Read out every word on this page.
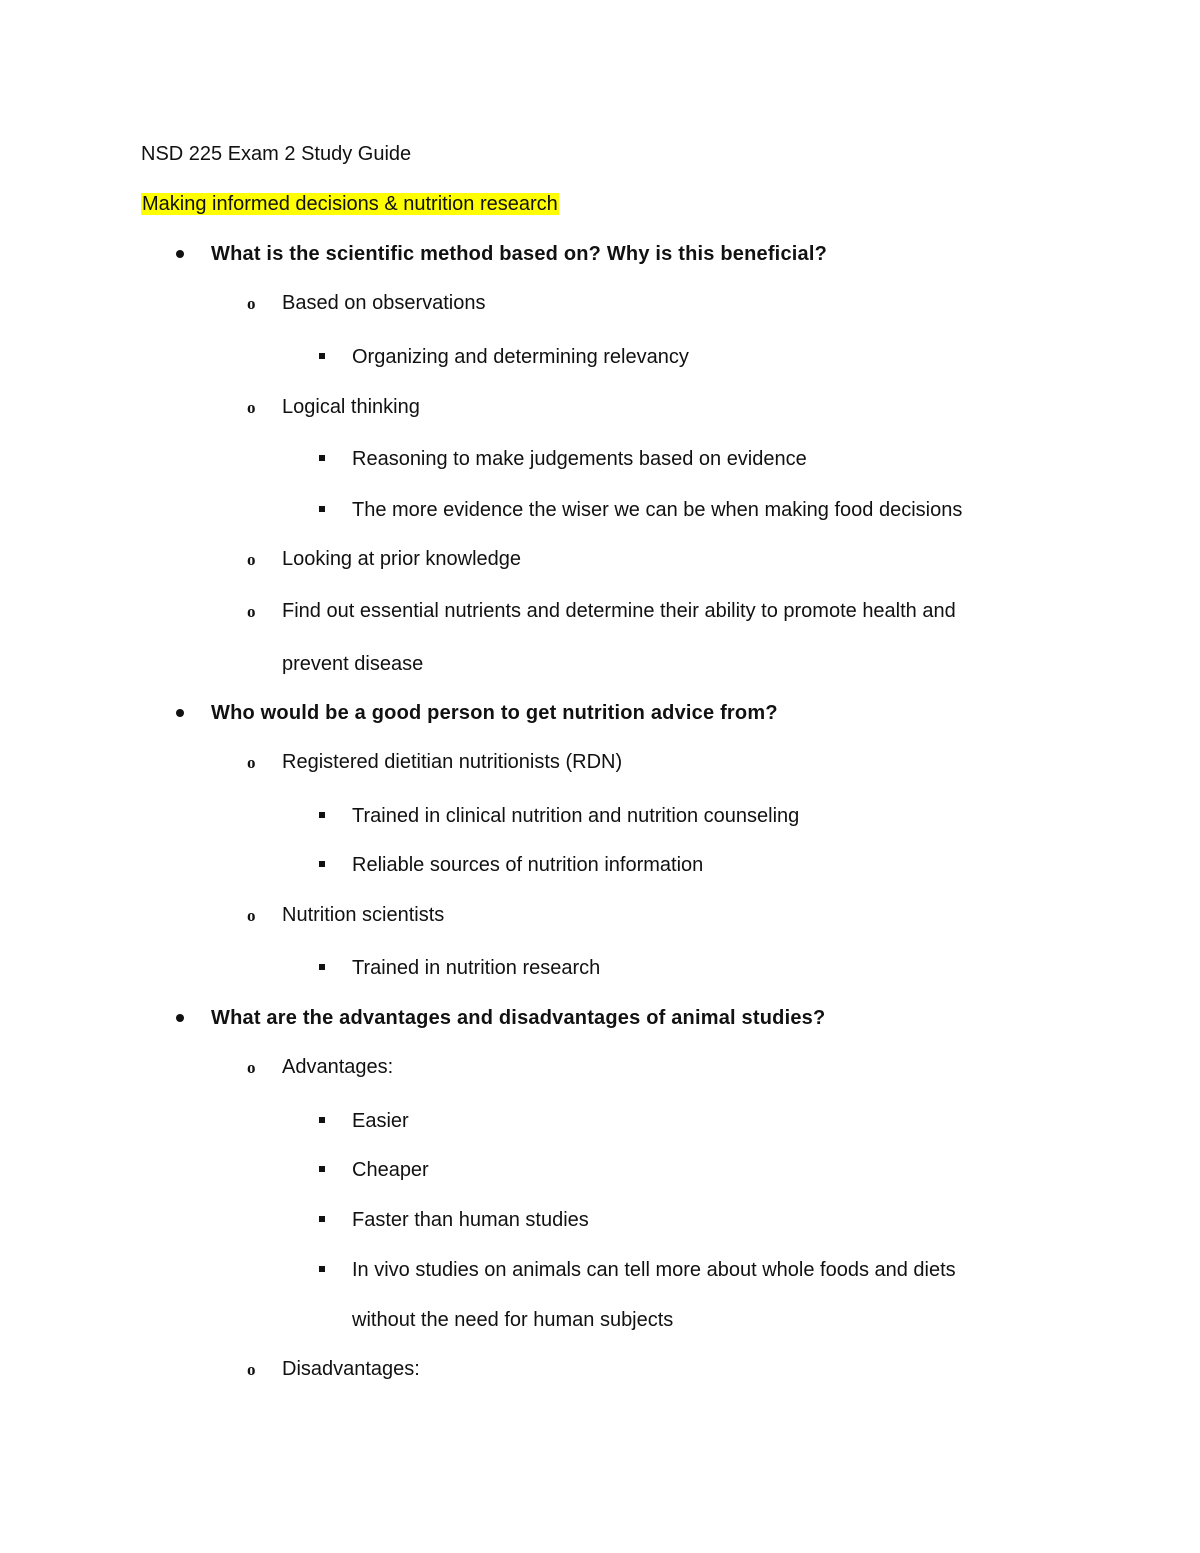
NSD 225 Exam 2 Study Guide
Making informed decisions & nutrition research
What is the scientific method based on? Why is this beneficial?
o Based on observations
Organizing and determining relevancy
o Logical thinking
Reasoning to make judgements based on evidence
The more evidence the wiser we can be when making food decisions
o Looking at prior knowledge
o Find out essential nutrients and determine their ability to promote health and
prevent disease
Who would be a good person to get nutrition advice from?
o Registered dietitian nutritionists (RDN)
Trained in clinical nutrition and nutrition counseling
Reliable sources of nutrition information
o Nutrition scientists
Trained in nutrition research
What are the advantages and disadvantages of animal studies?
o Advantages:
Easier
Cheaper
Faster than human studies
In vivo studies on animals can tell more about whole foods and diets
without the need for human subjects
o Disadvantages:
